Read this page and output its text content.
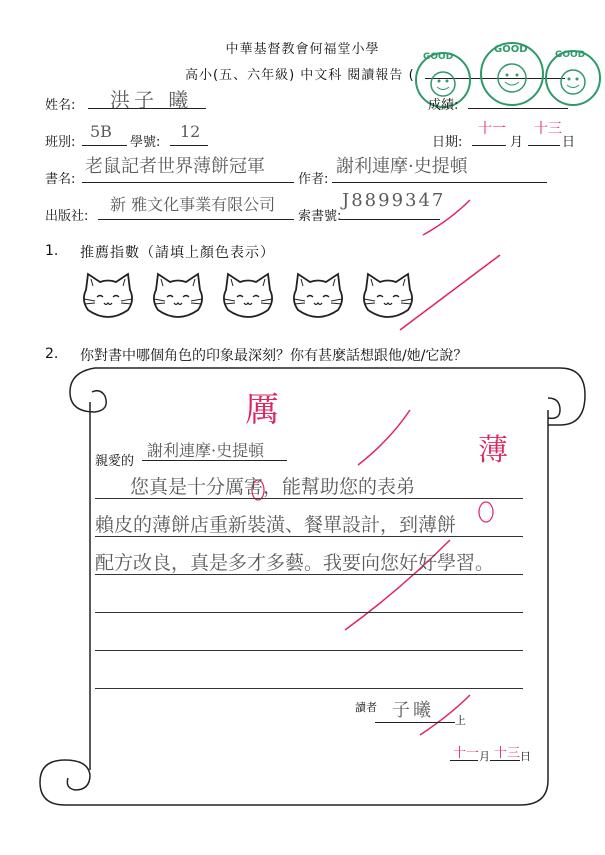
中華基督教會何福堂小學
高小(五、六年級) 中文科 閱讀報告 (
GOOD
GOOD	GOOD
姓名: 洪子 曦	成績:
班別:
5B
學號:
12
日期:
十一
月
十三
日
書名:
老鼠記者世界薄餅冠軍
作者:
謝利連摩·史提頓
出版社:
新 雅文化事業有限公司
索書號:
J8899347
1. 推薦指數（請填上顏色表示）
2. 你對書中哪個角色的印象最深刻？你有甚麼話想跟他/她/它說？
厲
薄
親愛的
謝利連摩·史提頓
您真是十分厲害，能幫助您的表弟
賴皮的薄餅店重新裝潢、餐單設計，到薄餅
配方改良，真是多才多藝。我要向您好好學習。
讀者 子曦 上
十一 月 十三 日
